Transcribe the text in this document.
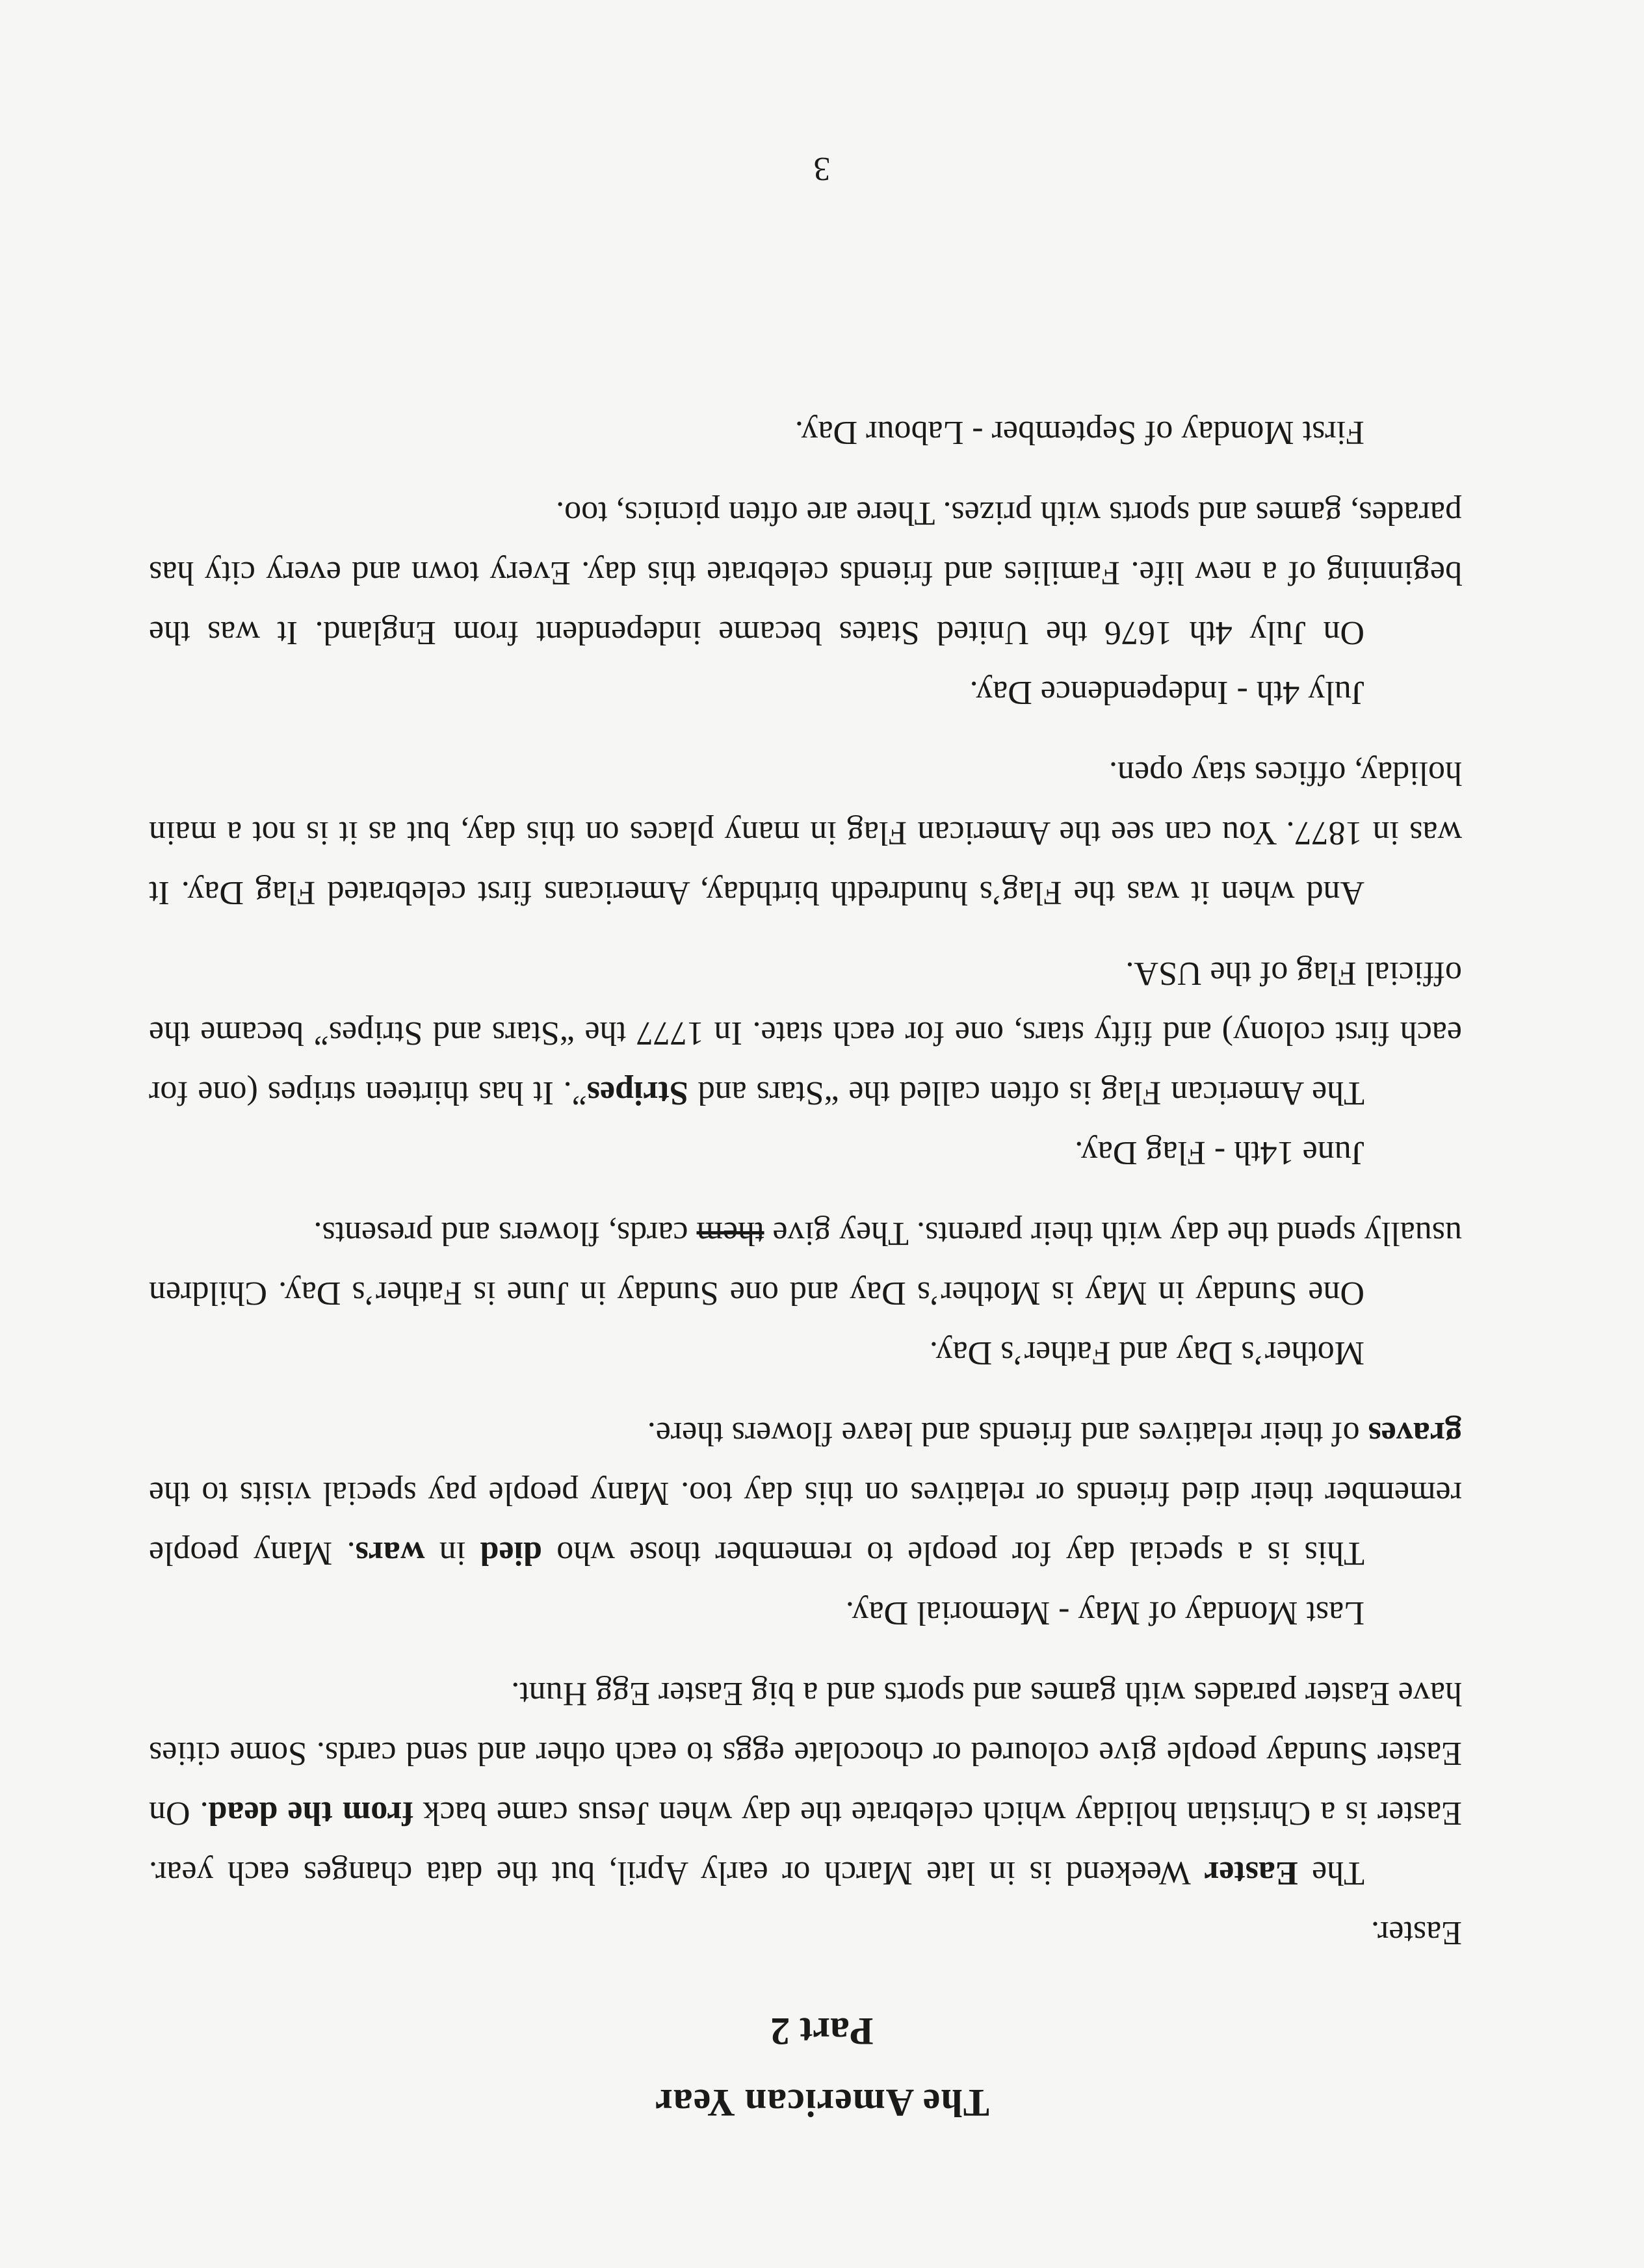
The American Year
Part 2
Easter.
The Easter Weekend is in late March or early April, but the data changes each year. Easter is a Christian holiday which celebrate the day when Jesus came back from the dead. On Easter Sunday people give coloured or chocolate eggs to each other and send cards. Some cities have Easter parades with games and sports and a big Easter Egg Hunt.
Last Monday of May - Memorial Day.
This is a special day for people to remember those who died in wars. Many people remember their died friends or relatives on this day too. Many people pay special visits to the graves of their relatives and friends and leave flowers there.
Mother’s Day and Father’s Day.
One Sunday in May is Mother’s Day and one Sunday in June is Father’s Day. Children usually spend the day with their parents. They give them cards, flowers and presents.
June 14th - Flag Day.
The American Flag is often called the “Stars and Stripes”. It has thirteen stripes (one for each first colony) and fifty stars, one for each state. In 1777 the “Stars and Stripes” became the official Flag of the USA.
And when it was the Flag’s hundredth birthday, Americans first celebrated Flag Day. It was in 1877. You can see the American Flag in many places on this day, but as it is not a main holiday, offices stay open.
July 4th - Independence Day.
On July 4th 1676 the United States became independent from England. It was the beginning of a new life. Families and friends celebrate this day. Every town and every city has parades, games and sports with prizes. There are often picnics, too.
First Monday of September - Labour Day.
3
